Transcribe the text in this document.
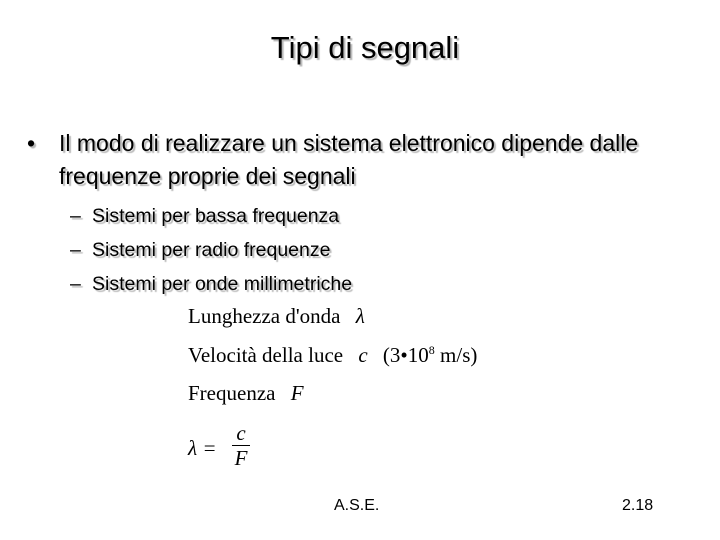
Tipi di segnali
• Il modo di realizzare un sistema elettronico dipende dalle frequenze proprie dei segnali
– Sistemi per bassa frequenza
– Sistemi per radio frequenze
– Sistemi per onde millimetriche
Lunghezza d'onda λ
Velocità della luce c ($3•10^8$ m/s)
Frequenza F
λ =
c
F
A.S.E.	2.18
